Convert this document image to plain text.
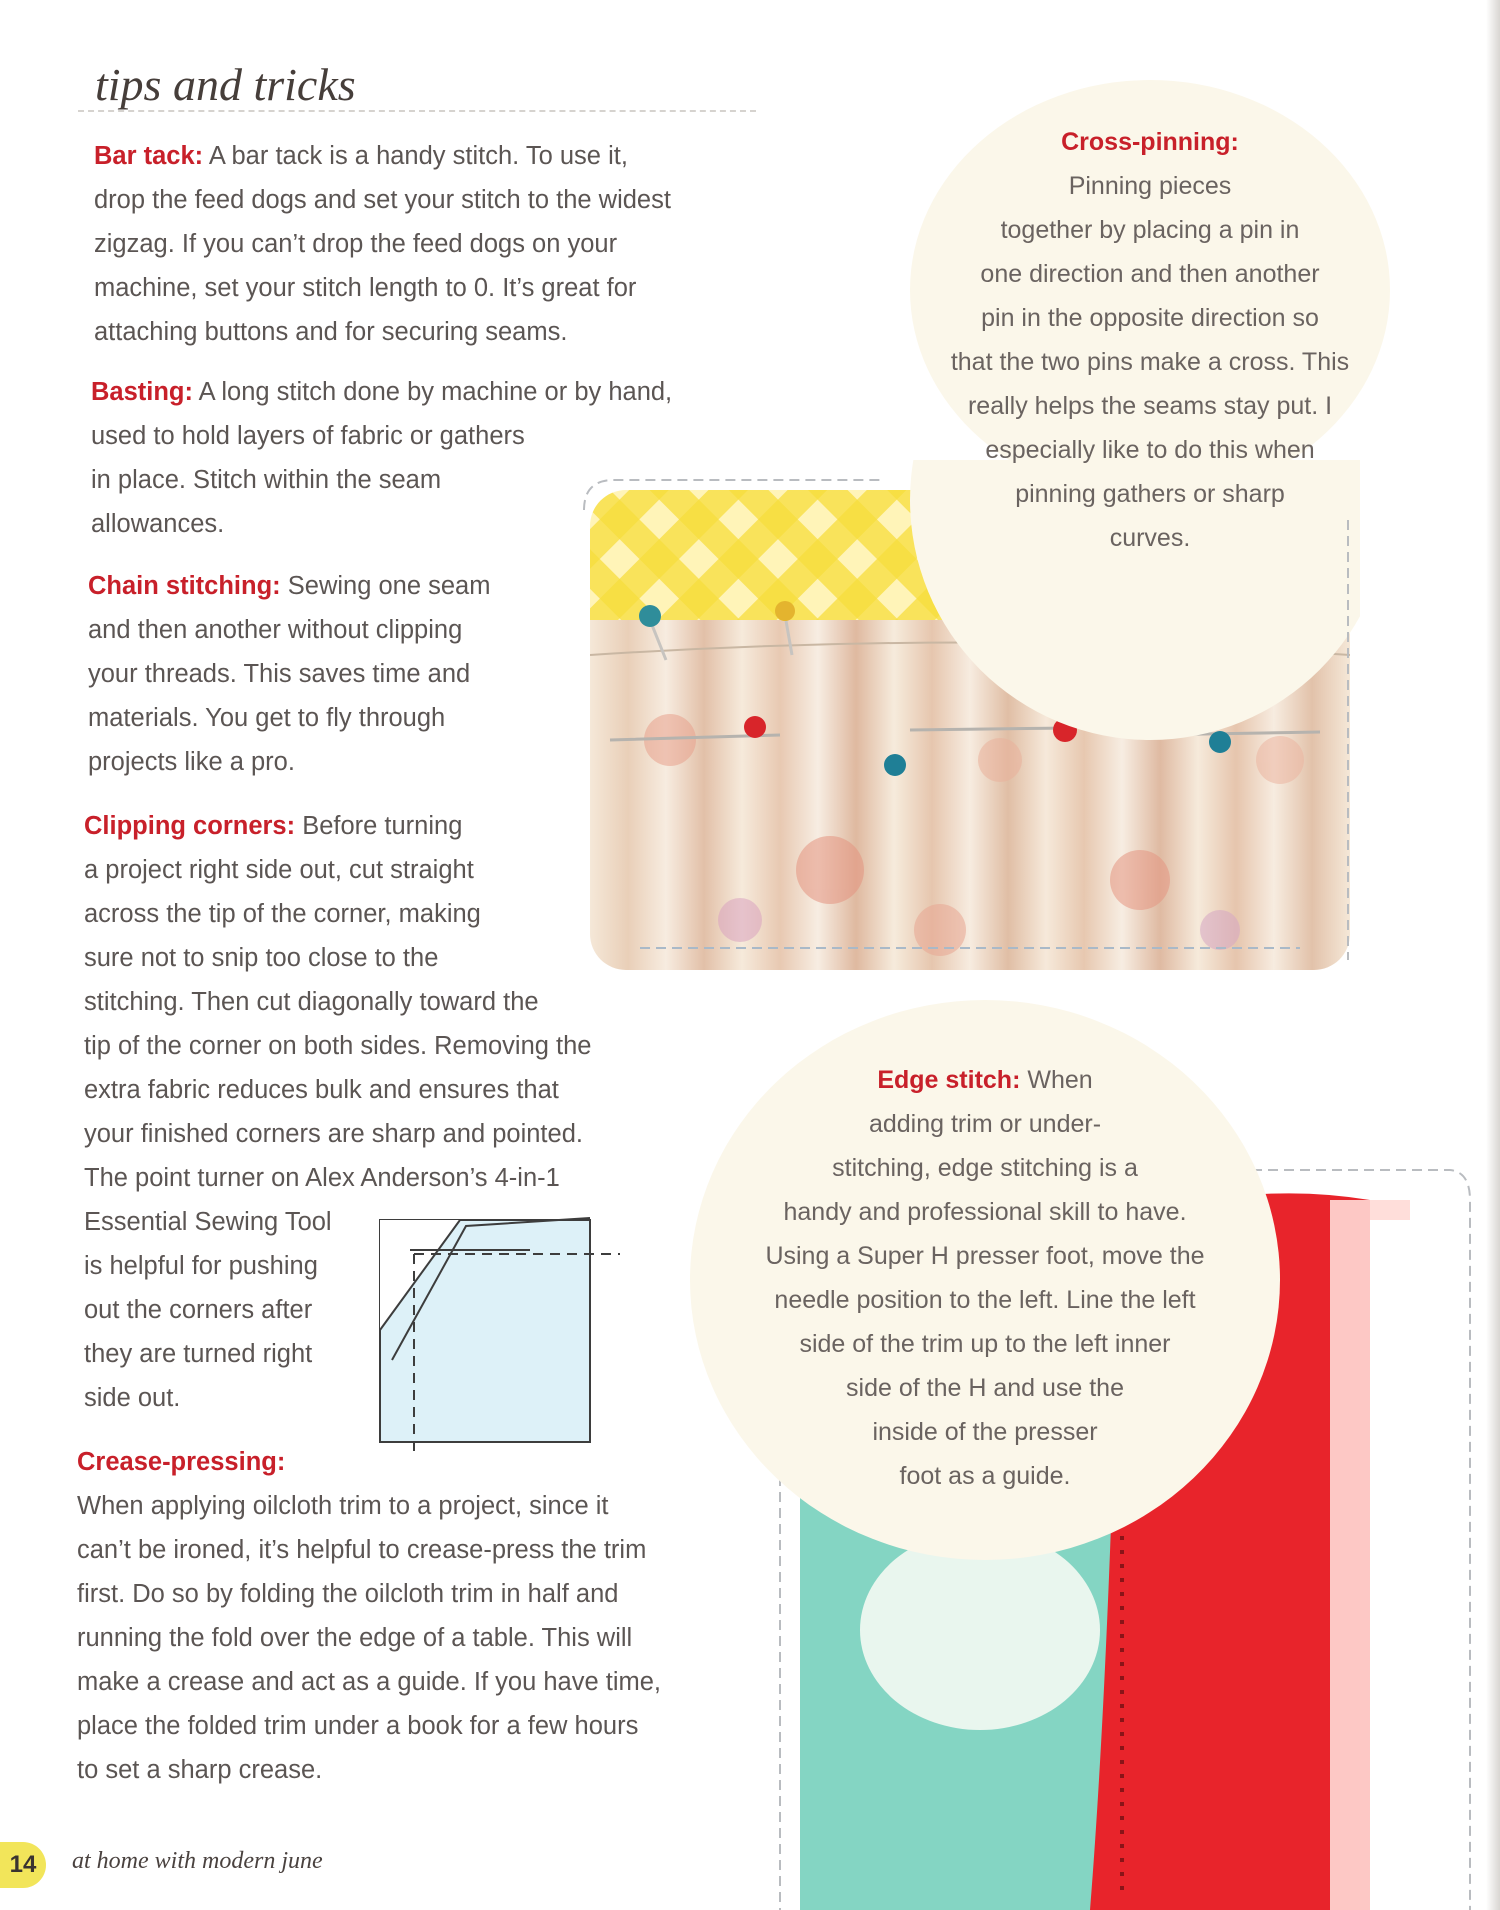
tips and tricks

Bar tack: A bar tack is a handy stitch. To use it,
drop the feed dogs and set your stitch to the widest
zigzag. If you can’t drop the feed dogs on your
machine, set your stitch length to 0. It’s great for
attaching buttons and for securing seams.

Basting: A long stitch done by machine or by hand,
used to hold layers of fabric or gathers
in place. Stitch within the seam
allowances.

Chain stitching: Sewing one seam
and then another without clipping
your threads. This saves time and
materials. You get to fly through
projects like a pro.

Clipping corners: Before turning
a project right side out, cut straight
across the tip of the corner, making
sure not to snip too close to the
stitching. Then cut diagonally toward the
tip of the corner on both sides. Removing the
extra fabric reduces bulk and ensures that
your finished corners are sharp and pointed.
The point turner on Alex Anderson’s 4-in-1
Essential Sewing Tool
is helpful for pushing
out the corners after
they are turned right
side out.

Crease-pressing:
When applying oilcloth trim to a project, since it
can’t be ironed, it’s helpful to crease-press the trim
first. Do so by folding the oilcloth trim in half and
running the fold over the edge of a table. This will
make a crease and act as a guide. If you have time,
place the folded trim under a book for a few hours
to set a sharp crease.

Cross-pinning:
Pinning pieces
together by placing a pin in
one direction and then another
pin in the opposite direction so
that the two pins make a cross. This
really helps the seams stay put. I
especially like to do this when
pinning gathers or sharp
curves.

Edge stitch: When
adding trim or under-
stitching, edge stitching is a
handy and professional skill to have.
Using a Super H presser foot, move the
needle position to the left. Line the left
side of the trim up to the left inner
side of the H and use the
inside of the presser
foot as a guide.

14	at home with modern june
